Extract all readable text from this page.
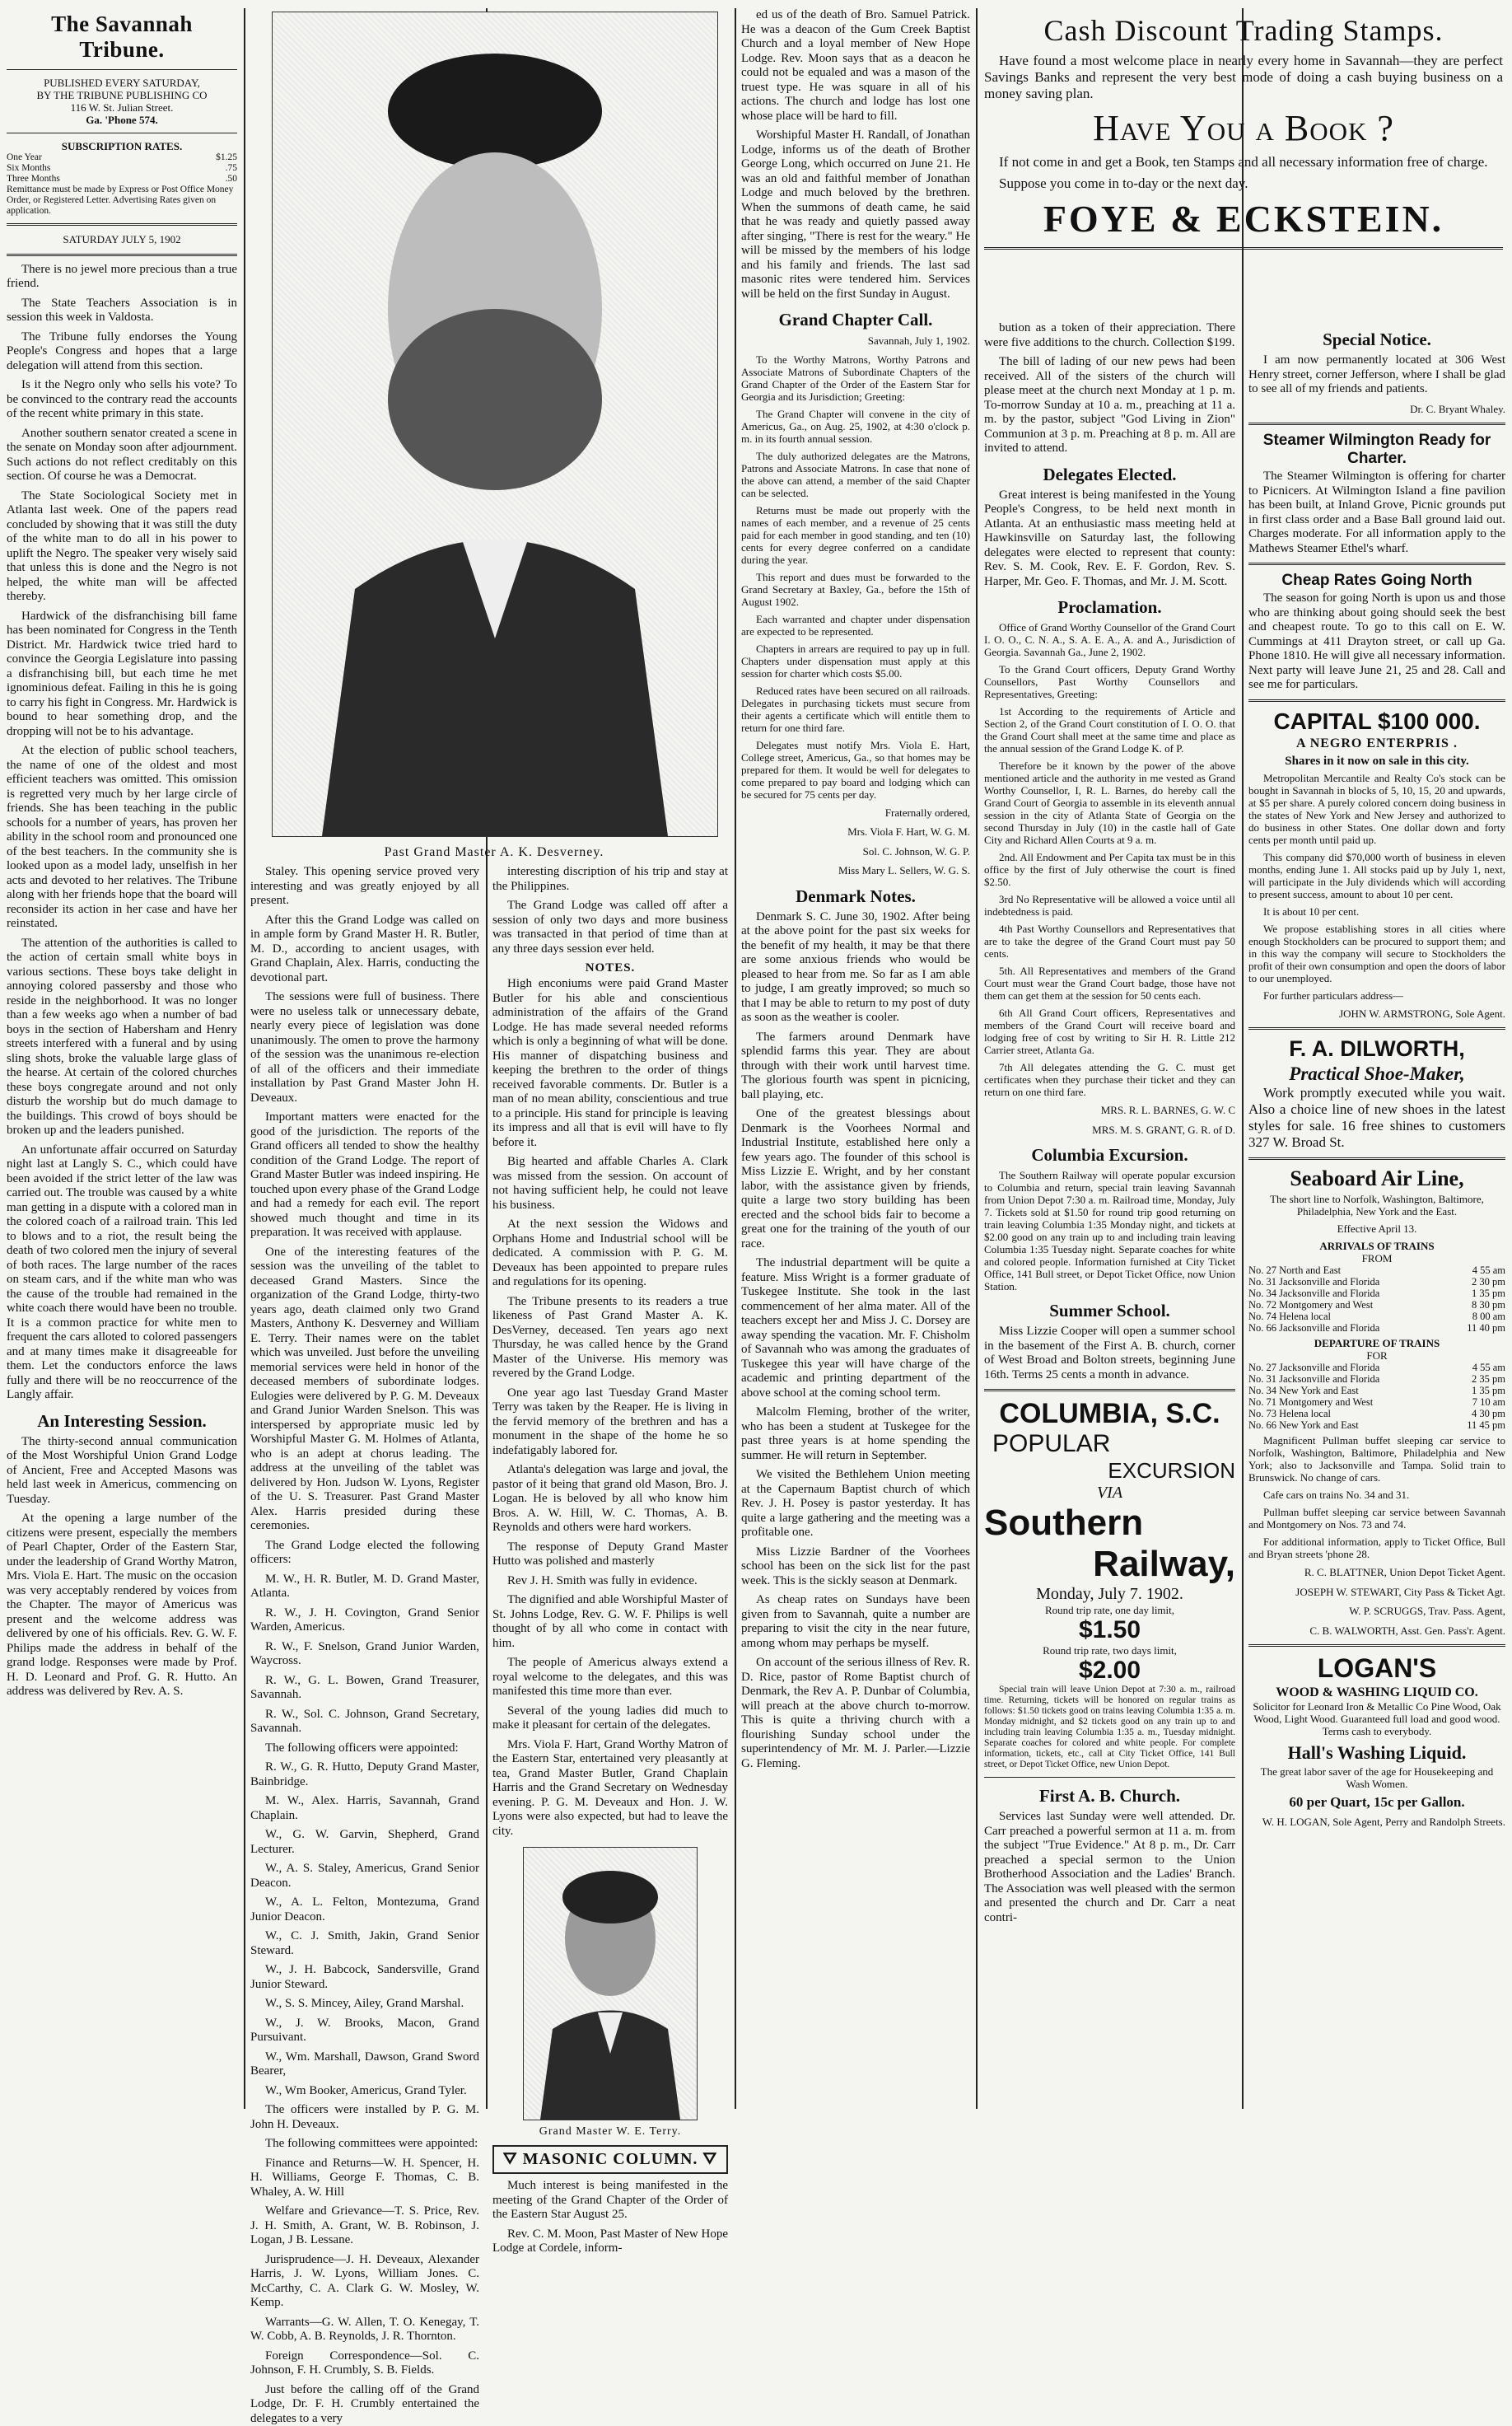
The Savannah Tribune.

PUBLISHED EVERY SATURDAY,

BY THE TRIBUNE PUBLISHING CO

116 W. St. Julian Street.

Ga. 'Phone 574.

SUBSCRIPTION RATES.

One Year	$1.25
Six Months	.75
Three Months	.50
Remittance must be made by Express or Post Office Money Order, or Registered Letter. Advertising Rates given on application.

SATURDAY JULY 5, 1902

There is no jewel more precious than a true friend.

The State Teachers Association is in session this week in Valdosta.

The Tribune fully endorses the Young People's Congress and hopes that a large delegation will attend from this section.

Is it the Negro only who sells his vote? To be convinced to the contrary read the accounts of the recent white primary in this state.

Another southern senator created a scene in the senate on Monday soon after adjournment. Such actions do not reflect creditably on this section. Of course he was a Democrat.

The State Sociological Society met in Atlanta last week. One of the papers read concluded by showing that it was still the duty of the white man to do all in his power to uplift the Negro. The speaker very wisely said that unless this is done and the Negro is not helped, the white man will be affected thereby.

Hardwick of the disfranchising bill fame has been nominated for Congress in the Tenth District. Mr. Hardwick twice tried hard to convince the Georgia Legislature into passing a disfranchising bill, but each time he met ignominious defeat. Failing in this he is going to carry his fight in Congress. Mr. Hardwick is bound to hear something drop, and the dropping will not be to his advantage.

At the election of public school teachers, the name of one of the oldest and most efficient teachers was omitted. This omission is regretted very much by her large circle of friends. She has been teaching in the public schools for a number of years, has proven her ability in the school room and pronounced one of the best teachers. In the community she is looked upon as a model lady, unselfish in her acts and devoted to her relatives. The Tribune along with her friends hope that the board will reconsider its action in her case and have her reinstated.

The attention of the authorities is called to the action of certain small white boys in various sections. These boys take delight in annoying colored passersby and those who reside in the neighborhood. It was no longer than a few weeks ago when a number of bad boys in the section of Habersham and Henry streets interfered with a funeral and by using sling shots, broke the valuable large glass of the hearse. At certain of the colored churches these boys congregate around and not only disturb the worship but do much damage to the buildings. This crowd of boys should be broken up and the leaders punished.

An unfortunate affair occurred on Saturday night last at Langly S. C., which could have been avoided if the strict letter of the law was carried out. The trouble was caused by a white man getting in a dispute with a colored man in the colored coach of a railroad train. This led to blows and to a riot, the result being the death of two colored men the injury of several of both races. The large number of the races on steam cars, and if the white man who was the cause of the trouble had remained in the white coach there would have been no trouble. It is a common practice for white men to frequent the cars alloted to colored passengers and at many times make it disagreeable for them. Let the conductors enforce the laws fully and there will be no reoccurrence of the Langly affair.

An Interesting Session.

The thirty-second annual communication of the Most Worshipful Union Grand Lodge of Ancient, Free and Accepted Masons was held last week in Americus, commencing on Tuesday.

At the opening a large number of the citizens were present, especially the members of Pearl Chapter, Order of the Eastern Star, under the leadership of Grand Worthy Matron, Mrs. Viola E. Hart. The music on the occasion was very acceptably rendered by voices from the Chapter. The mayor of Americus was present and the welcome address was delivered by one of his officials. Rev. G. W. F. Philips made the address in behalf of the grand lodge. Responses were made by Prof. H. D. Leonard and Prof. G. R. Hutto. An address was delivered by Rev. A. S.

Past Grand Master A. K. Desverney.

Staley. This opening service proved very interesting and was greatly enjoyed by all present.

After this the Grand Lodge was called on in ample form by Grand Master H. R. Butler, M. D., according to ancient usages, with Grand Chaplain, Alex. Harris, conducting the devotional part.

The sessions were full of business. There were no useless talk or unnecessary debate, nearly every piece of legislation was done unanimously. The omen to prove the harmony of the session was the unanimous re-election of all of the officers and their immediate installation by Past Grand Master John H. Deveaux.

Important matters were enacted for the good of the jurisdiction. The reports of the Grand officers all tended to show the healthy condition of the Grand Lodge. The report of Grand Master Butler was indeed inspiring. He touched upon every phase of the Grand Lodge and had a remedy for each evil. The report showed much thought and time in its preparation. It was received with applause.

One of the interesting features of the session was the unveiling of the tablet to deceased Grand Masters. Since the organization of the Grand Lodge, thirty-two years ago, death claimed only two Grand Masters, Anthony K. Desverney and William E. Terry. Their names were on the tablet which was unveiled. Just before the unveiling memorial services were held in honor of the deceased members of subordinate lodges. Eulogies were delivered by P. G. M. Deveaux and Grand Junior Warden Snelson. This was interspersed by appropriate music led by Worshipful Master G. M. Holmes of Atlanta, who is an adept at chorus leading. The address at the unveiling of the tablet was delivered by Hon. Judson W. Lyons, Register of the U. S. Treasurer. Past Grand Master Alex. Harris presided during these ceremonies.

The Grand Lodge elected the following officers:

M. W., H. R. Butler, M. D. Grand Master, Atlanta.

R. W., J. H. Covington, Grand Senior Warden, Americus.

R. W., F. Snelson, Grand Junior Warden, Waycross.

R. W., G. L. Bowen, Grand Treasurer, Savannah.

R. W., Sol. C. Johnson, Grand Secretary, Savannah.

The following officers were appointed:

R. W., G. R. Hutto, Deputy Grand Master, Bainbridge.

M. W., Alex. Harris, Savannah, Grand Chaplain.

W., G. W. Garvin, Shepherd, Grand Lecturer.

W., A. S. Staley, Americus, Grand Senior Deacon.

W., A. L. Felton, Montezuma, Grand Junior Deacon.

W., C. J. Smith, Jakin, Grand Senior Steward.

W., J. H. Babcock, Sandersville, Grand Junior Steward.

W., S. S. Mincey, Ailey, Grand Marshal.

W., J. W. Brooks, Macon, Grand Pursuivant.

W., Wm. Marshall, Dawson, Grand Sword Bearer,

W., Wm Booker, Americus, Grand Tyler.

The officers were installed by P. G. M. John H. Deveaux.

The following committees were appointed:

Finance and Returns—W. H. Spencer, H. H. Williams, George F. Thomas, C. B. Whaley, A. W. Hill

Welfare and Grievance—T. S. Price, Rev. J. H. Smith, A. Grant, W. B. Robinson, J. Logan, J B. Lessane.

Jurisprudence—J. H. Deveaux, Alexander Harris, J. W. Lyons, William Jones. C. McCarthy, C. A. Clark G. W. Mosley, W. Kemp.

Warrants—G. W. Allen, T. O. Kenegay, T. W. Cobb, A. B. Reynolds, J. R. Thornton.

Foreign Correspondence—Sol. C. Johnson, F. H. Crumbly, S. B. Fields.

Just before the calling off of the Grand Lodge, Dr. F. H. Crumbly entertained the delegates to a very

interesting discription of his trip and stay at the Philippines.

The Grand Lodge was called off after a session of only two days and more business was transacted in that period of time than at any three days session ever held.

NOTES.

High enconiums were paid Grand Master Butler for his able and conscientious administration of the affairs of the Grand Lodge. He has made several needed reforms which is only a beginning of what will be done. His manner of dispatching business and keeping the brethren to the order of things received favorable comments. Dr. Butler is a man of no mean ability, conscientious and true to a principle. His stand for principle is leaving its impress and all that is evil will have to fly before it.

Big hearted and affable Charles A. Clark was missed from the session. On account of not having sufficient help, he could not leave his business.

At the next session the Widows and Orphans Home and Industrial school will be dedicated. A commission with P. G. M. Deveaux has been appointed to prepare rules and regulations for its opening.

The Tribune presents to its readers a true likeness of Past Grand Master A. K. DesVerney, deceased. Ten years ago next Thursday, he was called hence by the Grand Master of the Universe. His memory was revered by the Grand Lodge.

One year ago last Tuesday Grand Master Terry was taken by the Reaper. He is living in the fervid memory of the brethren and has a monument in the shape of the home he so indefatigably labored for.

Atlanta's delegation was large and joval, the pastor of it being that grand old Mason, Bro. J. Logan. He is beloved by all who know him Bros. A. W. Hill, W. C. Thomas, A. B. Reynolds and others were hard workers.

The response of Deputy Grand Master Hutto was polished and masterly

Rev J. H. Smith was fully in evidence.

The dignified and able Worshipful Master of St. Johns Lodge, Rev. G. W. F. Philips is well thought of by all who come in contact with him.

The people of Americus always extend a royal welcome to the delegates, and this was manifested this time more than ever.

Several of the young ladies did much to make it pleasant for certain of the delegates.

Mrs. Viola F. Hart, Grand Worthy Matron of the Eastern Star, entertained very pleasantly at tea, Grand Master Butler, Grand Chaplain Harris and the Grand Secretary on Wednesday evening. P. G. M. Deveaux and Hon. J. W. Lyons were also expected, but had to leave the city.

Grand Master W. E. Terry.
⛛ MASONIC COLUMN. ⛛

Much interest is being manifested in the meeting of the Grand Chapter of the Order of the Eastern Star August 25.

Rev. C. M. Moon, Past Master of New Hope Lodge at Cordele, inform-

ed us of the death of Bro. Samuel Patrick. He was a deacon of the Gum Creek Baptist Church and a loyal member of New Hope Lodge. Rev. Moon says that as a deacon he could not be equaled and was a mason of the truest type. He was square in all of his actions. The church and lodge has lost one whose place will be hard to fill.

Worshipful Master H. Randall, of Jonathan Lodge, informs us of the death of Brother George Long, which occurred on June 21. He was an old and faithful member of Jonathan Lodge and much beloved by the brethren. When the summons of death came, he said that he was ready and quietly passed away after singing, "There is rest for the weary." He will be missed by the members of his lodge and his family and friends. The last sad masonic rites were tendered him. Services will be held on the first Sunday in August.

Grand Chapter Call.

Savannah, July 1, 1902.

To the Worthy Matrons, Worthy Patrons and Associate Matrons of Subordinate Chapters of the Grand Chapter of the Order of the Eastern Star for Georgia and its Jurisdiction; Greeting:

The Grand Chapter will convene in the city of Americus, Ga., on Aug. 25, 1902, at 4:30 o'clock p. m. in its fourth annual session.

The duly authorized delegates are the Matrons, Patrons and Associate Matrons. In case that none of the above can attend, a member of the said Chapter can be selected.

Returns must be made out properly with the names of each member, and a revenue of 25 cents paid for each member in good standing, and ten (10) cents for every degree conferred on a candidate during the year.

This report and dues must be forwarded to the Grand Secretary at Baxley, Ga., before the 15th of August 1902.

Each warranted and chapter under dispensation are expected to be represented.

Chapters in arrears are required to pay up in full. Chapters under dispensation must apply at this session for charter which costs $5.00.

Reduced rates have been secured on all railroads. Delegates in purchasing tickets must secure from their agents a certificate which will entitle them to return for one third fare.

Delegates must notify Mrs. Viola E. Hart, College street, Americus, Ga., so that homes may be prepared for them. It would be well for delegates to come prepared to pay board and lodging which can be secured for 75 cents per day.

Fraternally ordered,

Mrs. Viola F. Hart, W. G. M.

Sol. C. Johnson, W. G. P.

Miss Mary L. Sellers, W. G. S.

Denmark Notes.

Denmark S. C. June 30, 1902. After being at the above point for the past six weeks for the benefit of my health, it may be that there are some anxious friends who would be pleased to hear from me. So far as I am able to judge, I am greatly improved; so much so that I may be able to return to my post of duty as soon as the weather is cooler.

The farmers around Denmark have splendid farms this year. They are about through with their work until harvest time. The glorious fourth was spent in picnicing, ball playing, etc.

One of the greatest blessings about Denmark is the Voorhees Normal and Industrial Institute, established here only a few years ago. The founder of this school is Miss Lizzie E. Wright, and by her constant labor, with the assistance given by friends, quite a large two story building has been erected and the school bids fair to become a great one for the training of the youth of our race.

The industrial department will be quite a feature. Miss Wright is a former graduate of Tuskegee Institute. She took in the last commencement of her alma mater. All of the teachers except her and Miss J. C. Dorsey are away spending the vacation. Mr. F. Chisholm of Savannah who was among the graduates of Tuskegee this year will have charge of the academic and printing department of the above school at the coming school term.

Malcolm Fleming, brother of the writer, who has been a student at Tuskegee for the past three years is at home spending the summer. He will return in September.

We visited the Bethlehem Union meeting at the Capernaum Baptist church of which Rev. J. H. Posey is pastor yesterday. It has quite a large gathering and the meeting was a profitable one.

Miss Lizzie Bardner of the Voorhees school has been on the sick list for the past week. This is the sickly season at Denmark.

As cheap rates on Sundays have been given from to Savannah, quite a number are preparing to visit the city in the near future, among whom may perhaps be myself.

On account of the serious illness of Rev. R. D. Rice, pastor of Rome Baptist church of Denmark, the Rev A. P. Dunbar of Columbia, will preach at the above church to-morrow. This is quite a thriving church with a flourishing Sunday school under the superintendency of Mr. M. J. Parler.—Lizzie G. Fleming.

Cash Discount Trading Stamps.

Have found a most welcome place in nearly every home in Savannah—they are perfect Savings Banks and represent the very best mode of doing a cash buying business on a money saving plan.

Have You a Book ?

If not come in and get a Book, ten Stamps and all necessary information free of charge.

Suppose you come in to-day or the next day.

FOYE & ECKSTEIN.

bution as a token of their appreciation. There were five additions to the church. Collection $199.

The bill of lading of our new pews had been received. All of the sisters of the church will please meet at the church next Monday at 1 p. m. To-morrow Sunday at 10 a. m., preaching at 11 a. m. by the pastor, subject "God Living in Zion" Communion at 3 p. m. Preaching at 8 p. m. All are invited to attend.

Delegates Elected.

Great interest is being manifested in the Young People's Congress, to be held next month in Atlanta. At an enthusiastic mass meeting held at Hawkinsville on Saturday last, the following delegates were elected to represent that county: Rev. S. M. Cook, Rev. E. F. Gordon, Rev. S. Harper, Mr. Geo. F. Thomas, and Mr. J. M. Scott.

Proclamation.

Office of Grand Worthy Counsellor of the Grand Court I. O. O., C. N. A., S. A. E. A., A. and A., Jurisdiction of Georgia. Savannah Ga., June 2, 1902.

To the Grand Court officers, Deputy Grand Worthy Counsellors, Past Worthy Counsellors and Representatives, Greeting:

1st According to the requirements of Article and Section 2, of the Grand Court constitution of I. O. O. that the Grand Court shall meet at the same time and place as the annual session of the Grand Lodge K. of P.

Therefore be it known by the power of the above mentioned article and the authority in me vested as Grand Worthy Counsellor, I, R. L. Barnes, do hereby call the Grand Court of Georgia to assemble in its eleventh annual session in the city of Atlanta State of Georgia on the second Thursday in July (10) in the castle hall of Gate City and Richard Allen Courts at 9 a. m.

2nd. All Endowment and Per Capita tax must be in this office by the first of July otherwise the court is fined $2.50.

3rd No Representative will be allowed a voice until all indebtedness is paid.

4th Past Worthy Counsellors and Representatives that are to take the degree of the Grand Court must pay 50 cents.

5th. All Representatives and members of the Grand Court must wear the Grand Court badge, those have not them can get them at the session for 50 cents each.

6th All Grand Court officers, Representatives and members of the Grand Court will receive board and lodging free of cost by writing to Sir H. R. Little 212 Carrier street, Atlanta Ga.

7th All delegates attending the G. C. must get certificates when they purchase their ticket and they can return on one third fare.

MRS. R. L. BARNES, G. W. C

MRS. M. S. GRANT, G. R. of D.

Columbia Excursion.

The Southern Railway will operate popular excursion to Columbia and return, special train leaving Savannah from Union Depot 7:30 a. m. Railroad time, Monday, July 7. Tickets sold at $1.50 for round trip good returning on train leaving Columbia 1:35 Monday night, and tickets at $2.00 good on any train up to and including train leaving Columbia 1:35 Tuesday night. Separate coaches for white and colored people. Information furnished at City Ticket Office, 141 Bull street, or Depot Ticket Office, now Union Station.

Summer School.

Miss Lizzie Cooper will open a summer school in the basement of the First A. B. church, corner of West Broad and Bolton streets, beginning June 16th. Terms 25 cents a month in advance.

COLUMBIA, S.C.
POPULAR
EXCURSION
VIA
Southern
Railway,
Monday, July 7. 1902.
Round trip rate, one day limit,
$1.50
Round trip rate, two days limit,
$2.00

Special train will leave Union Depot at 7:30 a. m., railroad time. Returning, tickets will be honored on regular trains as follows: $1.50 tickets good on trains leaving Columbia 1:35 a. m. Monday midnight, and $2 tickets good on any train up to and including train leaving Columbia 1:35 a. m., Tuesday midnight. Separate coaches for colored and white people. For complete information, tickets, etc., call at City Ticket Office, 141 Bull street, or Depot Ticket Office, new Union Depot.

First A. B. Church.

Services last Sunday were well attended. Dr. Carr preached a powerful sermon at 11 a. m. from the subject "True Evidence." At 8 p. m., Dr. Carr preached a special sermon to the Union Brotherhood Association and the Ladies' Branch. The Association was well pleased with the sermon and presented the church and Dr. Carr a neat contri-

Special Notice.

I am now permanently located at 306 West Henry street, corner Jefferson, where I shall be glad to see all of my friends and patients.

Dr. C. Bryant Whaley.

Steamer Wilmington Ready for Charter.

The Steamer Wilmington is offering for charter to Picnicers. At Wilmington Island a fine pavilion has been built, at Inland Grove, Picnic grounds put in first class order and a Base Ball ground laid out. Charges moderate. For all information apply to the Mathews Steamer Ethel's wharf.

Cheap Rates Going North

The season for going North is upon us and those who are thinking about going should seek the best and cheapest route. To go to this call on E. W. Cummings at 411 Drayton street, or call up Ga. Phone 1810. He will give all necessary information. Next party will leave June 21, 25 and 28. Call and see me for particulars.

CAPITAL $100 000.
A NEGRO ENTERPRIS .
Shares in it now on sale in this city.

Metropolitan Mercantile and Realty Co's stock can be bought in Savannah in blocks of 5, 10, 15, 20 and upwards, at $5 per share. A purely colored concern doing business in the states of New York and New Jersey and authorized to do business in other States. One dollar down and forty cents per month until paid up.

This company did $70,000 worth of business in eleven months, ending June 1. All stocks paid up by July 1, next, will participate in the July dividends which will according to present success, amount to about 10 per cent.

It is about 10 per cent.

We propose establishing stores in all cities where enough Stockholders can be procured to support them; and in this way the company will secure to Stockholders the profit of their own consumption and open the doors of labor to our unemployed.

For further particulars address—

JOHN W. ARMSTRONG, Sole Agent.

F. A. DILWORTH,
Practical Shoe-Maker,

Work promptly executed while you wait. Also a choice line of new shoes in the latest styles for sale. 16 free shines to customers 327 W. Broad St.

Seaboard Air Line,

The short line to Norfolk, Washington, Baltimore, Philadelphia, New York and the East.

Effective April 13.

ARRIVALS OF TRAINS

FROM

No. 27 North and East	4 55 am
No. 31 Jacksonville and Florida	2 30 pm
No. 34 Jacksonville and Florida	1 35 pm
No. 72 Montgomery and West	8 30 pm
No. 74 Helena local	8 00 am
No. 66 Jacksonville and Florida	11 40 pm

DEPARTURE OF TRAINS

FOR

No. 27 Jacksonville and Florida	4 55 am
No. 31 Jacksonville and Florida	2 35 pm
No. 34 New York and East	1 35 pm
No. 71 Montgomery and West	7 10 am
No. 73 Helena local	4 30 pm
No. 66 New York and East	11 45 pm

Magnificent Pullman buffet sleeping car service to Norfolk, Washington, Baltimore, Philadelphia and New York; also to Jacksonville and Tampa. Solid train to Brunswick. No change of cars.

Cafe cars on trains No. 34 and 31.

Pullman buffet sleeping car service between Savannah and Montgomery on Nos. 73 and 74.

For additional information, apply to Ticket Office, Bull and Bryan streets 'phone 28.

R. C. BLATTNER, Union Depot Ticket Agent.

JOSEPH W. STEWART, City Pass & Ticket Agt.

W. P. SCRUGGS, Trav. Pass. Agent,

C. B. WALWORTH, Asst. Gen. Pass'r. Agent.

LOGAN'S
WOOD & WASHING LIQUID CO.

Solicitor for Leonard Iron & Metallic Co Pine Wood, Oak Wood, Light Wood. Guaranteed full load and good wood. Terms cash to everybody.

Hall's Washing Liquid.

The great labor saver of the age for Housekeeping and Wash Women.

60 per Quart, 15c per Gallon.

W. H. LOGAN, Sole Agent, Perry and Randolph Streets.
